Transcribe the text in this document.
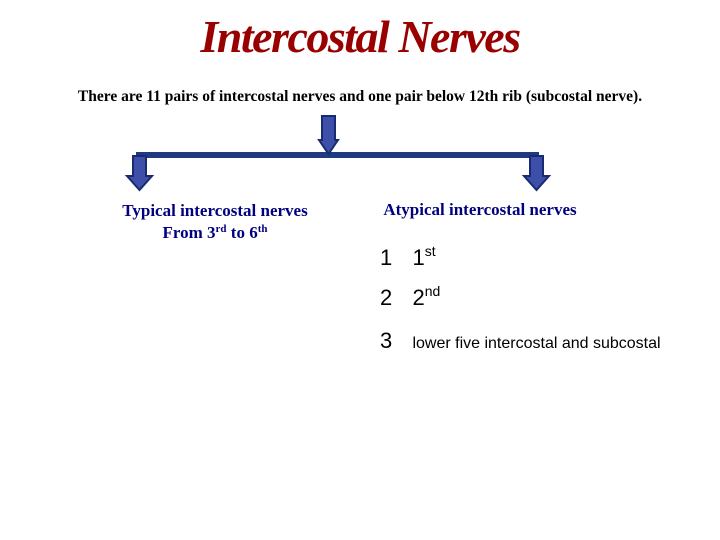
Intercostal Nerves
There are 11 pairs of intercostal nerves and one pair below 12th rib (subcostal nerve).
Typical intercostal nerves
From 3rd to 6th
Atypical intercostal nerves
1 1st
2 2nd
3 lower five intercostal and subcostal
